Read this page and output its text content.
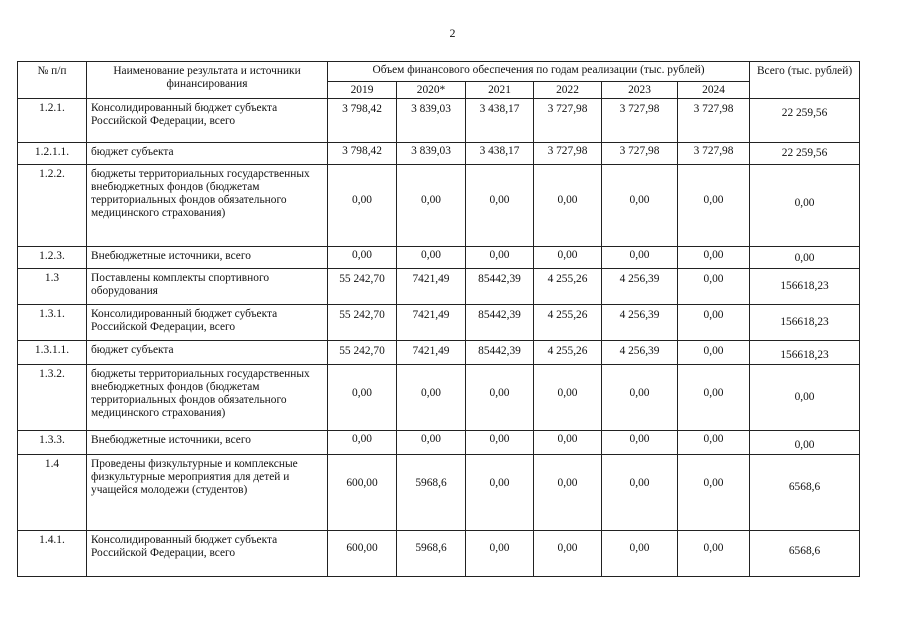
2
№ п/п	Наименование результата и источники финансирования	Объем финансового обеспечения по годам реализации (тыс. рублей)						Всего (тыс. рублей)
		2019	2020*	2021	2022	2023	2024	
1.2.1.	Консолидированный бюджет субъекта Российской Федерации, всего	3 798,42	3 839,03	3 438,17	3 727,98	3 727,98	3 727,98	22 259,56

1.2.1.1.	бюджет субъекта	3 798,42	3 839,03	3 438,17	3 727,98	3 727,98	3 727,98	22 259,56

1.2.2.	бюджеты территориальных государственных внебюджетных фондов (бюджетам территориальных фондов обязательного медицинского страхования)	0,00	0,00	0,00	0,00	0,00	0,00	0,00

1.2.3.	Внебюджетные источники, всего	0,00	0,00	0,00	0,00	0,00	0,00	0,00

1.3	Поставлены комплекты спортивного оборудования	55 242,70	7421,49	85442,39	4 255,26	4 256,39	0,00	156618,23

1.3.1.	Консолидированный бюджет субъекта Российской Федерации, всего	55 242,70	7421,49	85442,39	4 255,26	4 256,39	0,00	156618,23

1.3.1.1.	бюджет субъекта	55 242,70	7421,49	85442,39	4 255,26	4 256,39	0,00	156618,23

1.3.2.	бюджеты территориальных государственных внебюджетных фондов (бюджетам территориальных фондов обязательного медицинского страхования)	0,00	0,00	0,00	0,00	0,00	0,00	0,00

1.3.3.	Внебюджетные источники, всего	0,00	0,00	0,00	0,00	0,00	0,00	0,00

1.4	Проведены физкультурные и комплексные физкультурные мероприятия для детей и учащейся молодежи (студентов)	600,00	5968,6	0,00	0,00	0,00	0,00	6568,6

1.4.1.	Консолидированный бюджет субъекта Российской Федерации, всего	600,00	5968,6	0,00	0,00	0,00	0,00	6568,6
